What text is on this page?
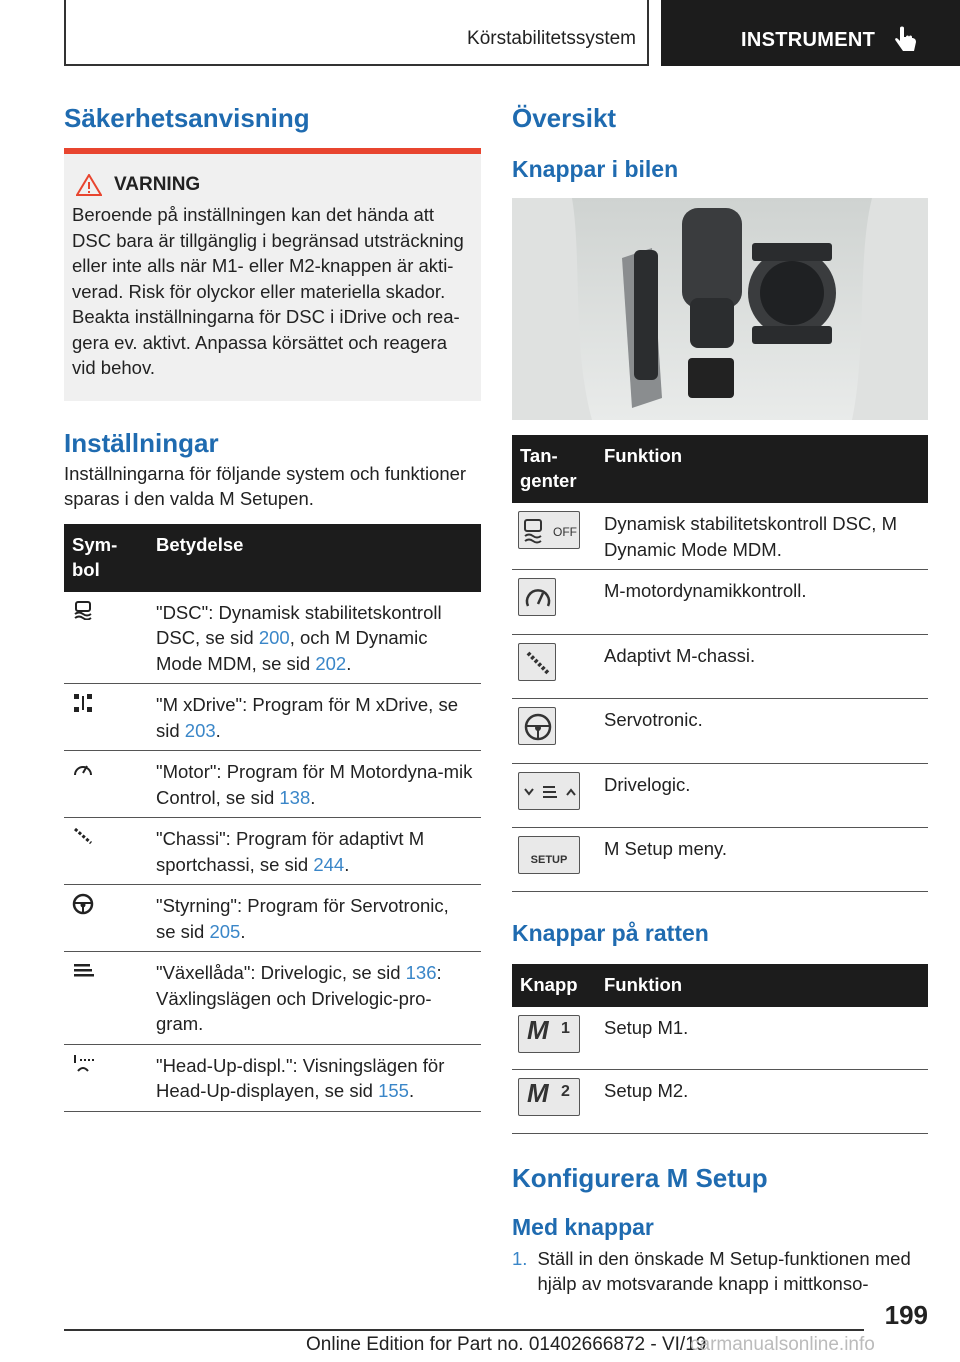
Körstabilitetssystem	INSTRUMENT
Säkerhetsanvisning
VARNING
Beroende på inställningen kan det hända att DSC bara är tillgänglig i begränsad utsträckning eller inte alls när M1- eller M2-knappen är akti-verad. Risk för olyckor eller materiella skador. Beakta inställningarna för DSC i iDrive och rea-gera ev. aktivt. Anpassa körsättet och reagera vid behov.
Inställningar

Inställningarna för följande system och funktioner sparas i den valda M Setupen.

Sym-bol	Betydelse
	"DSC": Dynamisk stabilitetskontroll DSC, se sid 200, och M Dynamic Mode MDM, se sid 202.
	"M xDrive": Program för M xDrive, se sid 203.
	"Motor": Program för M Motordyna-mik Control, se sid 138.
	"Chassi": Program för adaptivt M sportchassi, se sid 244.
	"Styrning": Program för Servotronic, se sid 205.
	"Växellåda": Drivelogic, se sid 136: Växlingslägen och Drivelogic-pro-gram.
	"Head-Up-displ.": Visningslägen för Head-Up-displayen, se sid 155.
Översikt
Knappar i bilen
Tan-genter	Funktion

OFF	Dynamisk stabilitetskontroll DSC, M Dynamic Mode MDM.
	M-motordynamikkontroll.
	Adaptivt M-chassi.
	Servotronic.
	Drivelogic.

SETUP	M Setup meny.
Knappar på ratten
Knapp	Funktion

M 1	Setup M1.

M 2	Setup M2.
Konfigurera M Setup
Med knappar
1. Ställ in den önskade M Setup-funktionen med hjälp av motsvarande knapp i mittkonso-
199
Online Edition for Part no. 01402666872 - VI/19
carmanualsonline.info
